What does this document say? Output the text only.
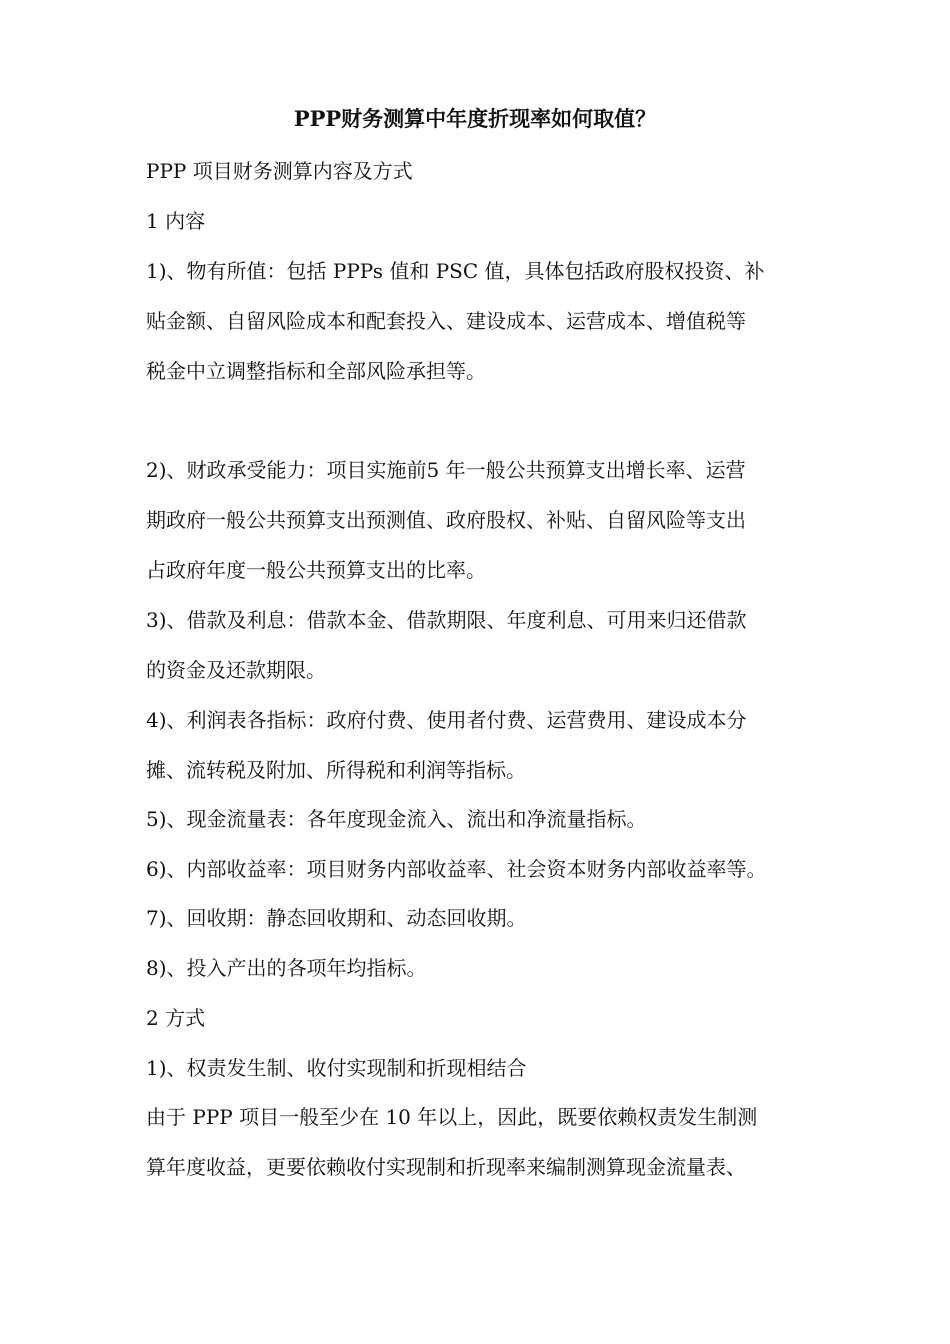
PPP财务测算中年度折现率如何取值？
PPP 项目财务测算内容及方式
1 内容
1)、物有所值：包括 PPPs 值和 PSC 值，具体包括政府股权投资、补
贴金额、自留风险成本和配套投入、建设成本、运营成本、增值税等
税金中立调整指标和全部风险承担等。
2)、财政承受能力：项目实施前5 年一般公共预算支出增长率、运营
期政府一般公共预算支出预测值、政府股权、补贴、自留风险等支出
占政府年度一般公共预算支出的比率。
3)、借款及利息：借款本金、借款期限、年度利息、可用来归还借款
的资金及还款期限。
4)、利润表各指标：政府付费、使用者付费、运营费用、建设成本分
摊、流转税及附加、所得税和利润等指标。
5)、现金流量表：各年度现金流入、流出和净流量指标。
6)、内部收益率：项目财务内部收益率、社会资本财务内部收益率等。
7)、回收期：静态回收期和、动态回收期。
8)、投入产出的各项年均指标。
2 方式
1)、权责发生制、收付实现制和折现相结合
由于 PPP 项目一般至少在 10 年以上，因此，既要依赖权责发生制测
算年度收益，更要依赖收付实现制和折现率来编制测算现金流量表、
